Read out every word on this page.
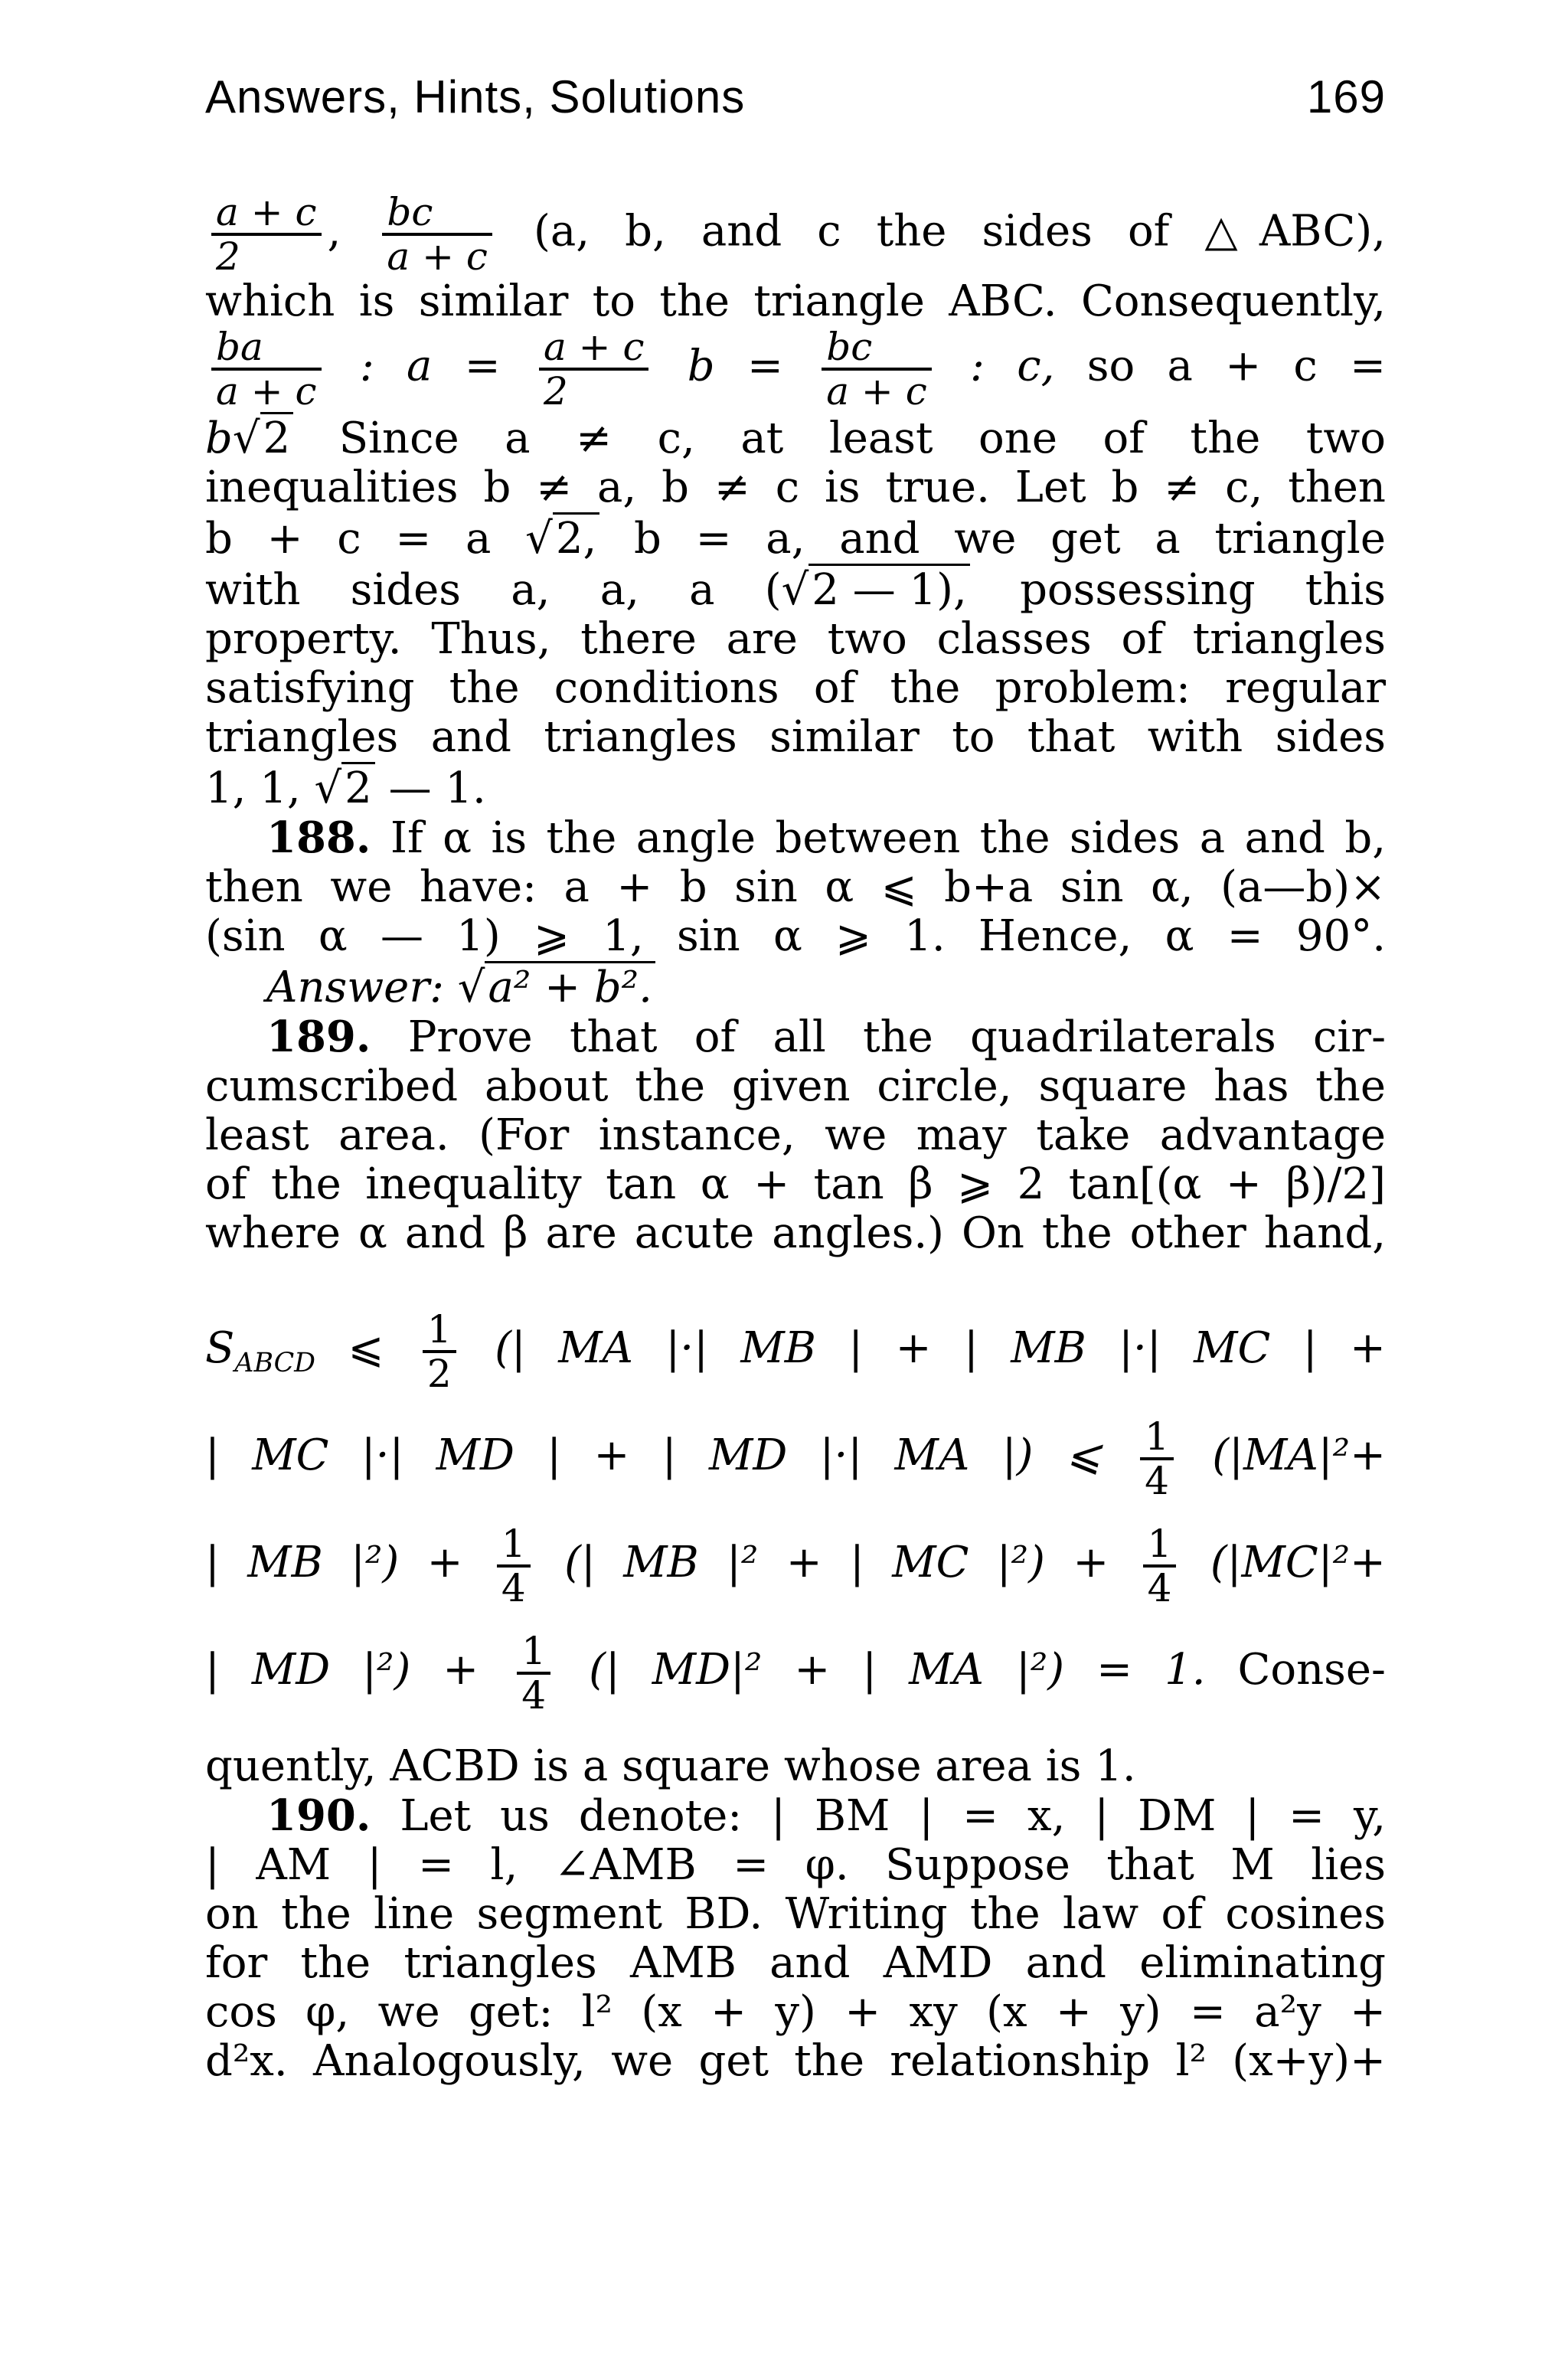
Answers, Hints, Solutions	169
$\frac{a + c}{2}$ , $\frac{bc}{a + c} (a$, b, and c the sides of △ABC),
which is similar to the triangle ABC. Consequently,
$\frac{ba}{a + c}$ : $a = \frac{a + c}{2}$ $b = \frac{bc}{a + c}$ : c, so a + c =
b√2 Since a ≠ c, at least one of the two
inequalities b ≠ a, b ≠ c is true. Let b ≠ c, then
b + c = a √2, b = a, and we get a triangle
with sides a, a, a (√2 — 1), possessing this
property. Thus, there are two classes of triangles
satisfying the conditions of the problem: regular
triangles and triangles similar to that with sides
1, 1, √2 — 1.
188. If α is the angle between the sides a and b,
then we have: a + b sin α ⩽ b+a sin α, (a—b)×
(sin α — 1) ⩾ 1, sin α ⩾ 1. Hence, α = 90°.
Answer: √a² + b².
189. Prove that of all the quadrilaterals cir-
cumscribed about the given circle, square has the
least area. (For instance, we may take advantage
of the inequality tan α + tan β ⩾ 2 tan[(α + β)/2]
where α and β are acute angles.) On the other hand,
$S_{ABCD}$ ⩽ $\frac{1}{2}$ (| MA |·| MB | + | MB |·| MC | +
| MC |·| MD | + | MD |·| MA |) ⩽ $\frac{1}{4} (|MA|^2+$
| MB $|^2) + \frac{1}{4}$ (| MB |² + | MC $|^2) + \frac{1}{4} (|MC|^2+$
| MD $|^2) + \frac{1}{4}$ (| MD|² + | MA |²) = 1. Conse-
quently, ACBD is a square whose area is 1.
190. Let us denote: | BM | = x, | DM | = y,
| AM | = l, ∠AMB = φ. Suppose that M lies
on the line segment BD. Writing the law of cosines
for the triangles AMB and AMD and eliminating
cos φ, we get: l² (x + y) + xy (x + y) = a²y +
d²x. Analogously, we get the relationship l² (x+y)+
